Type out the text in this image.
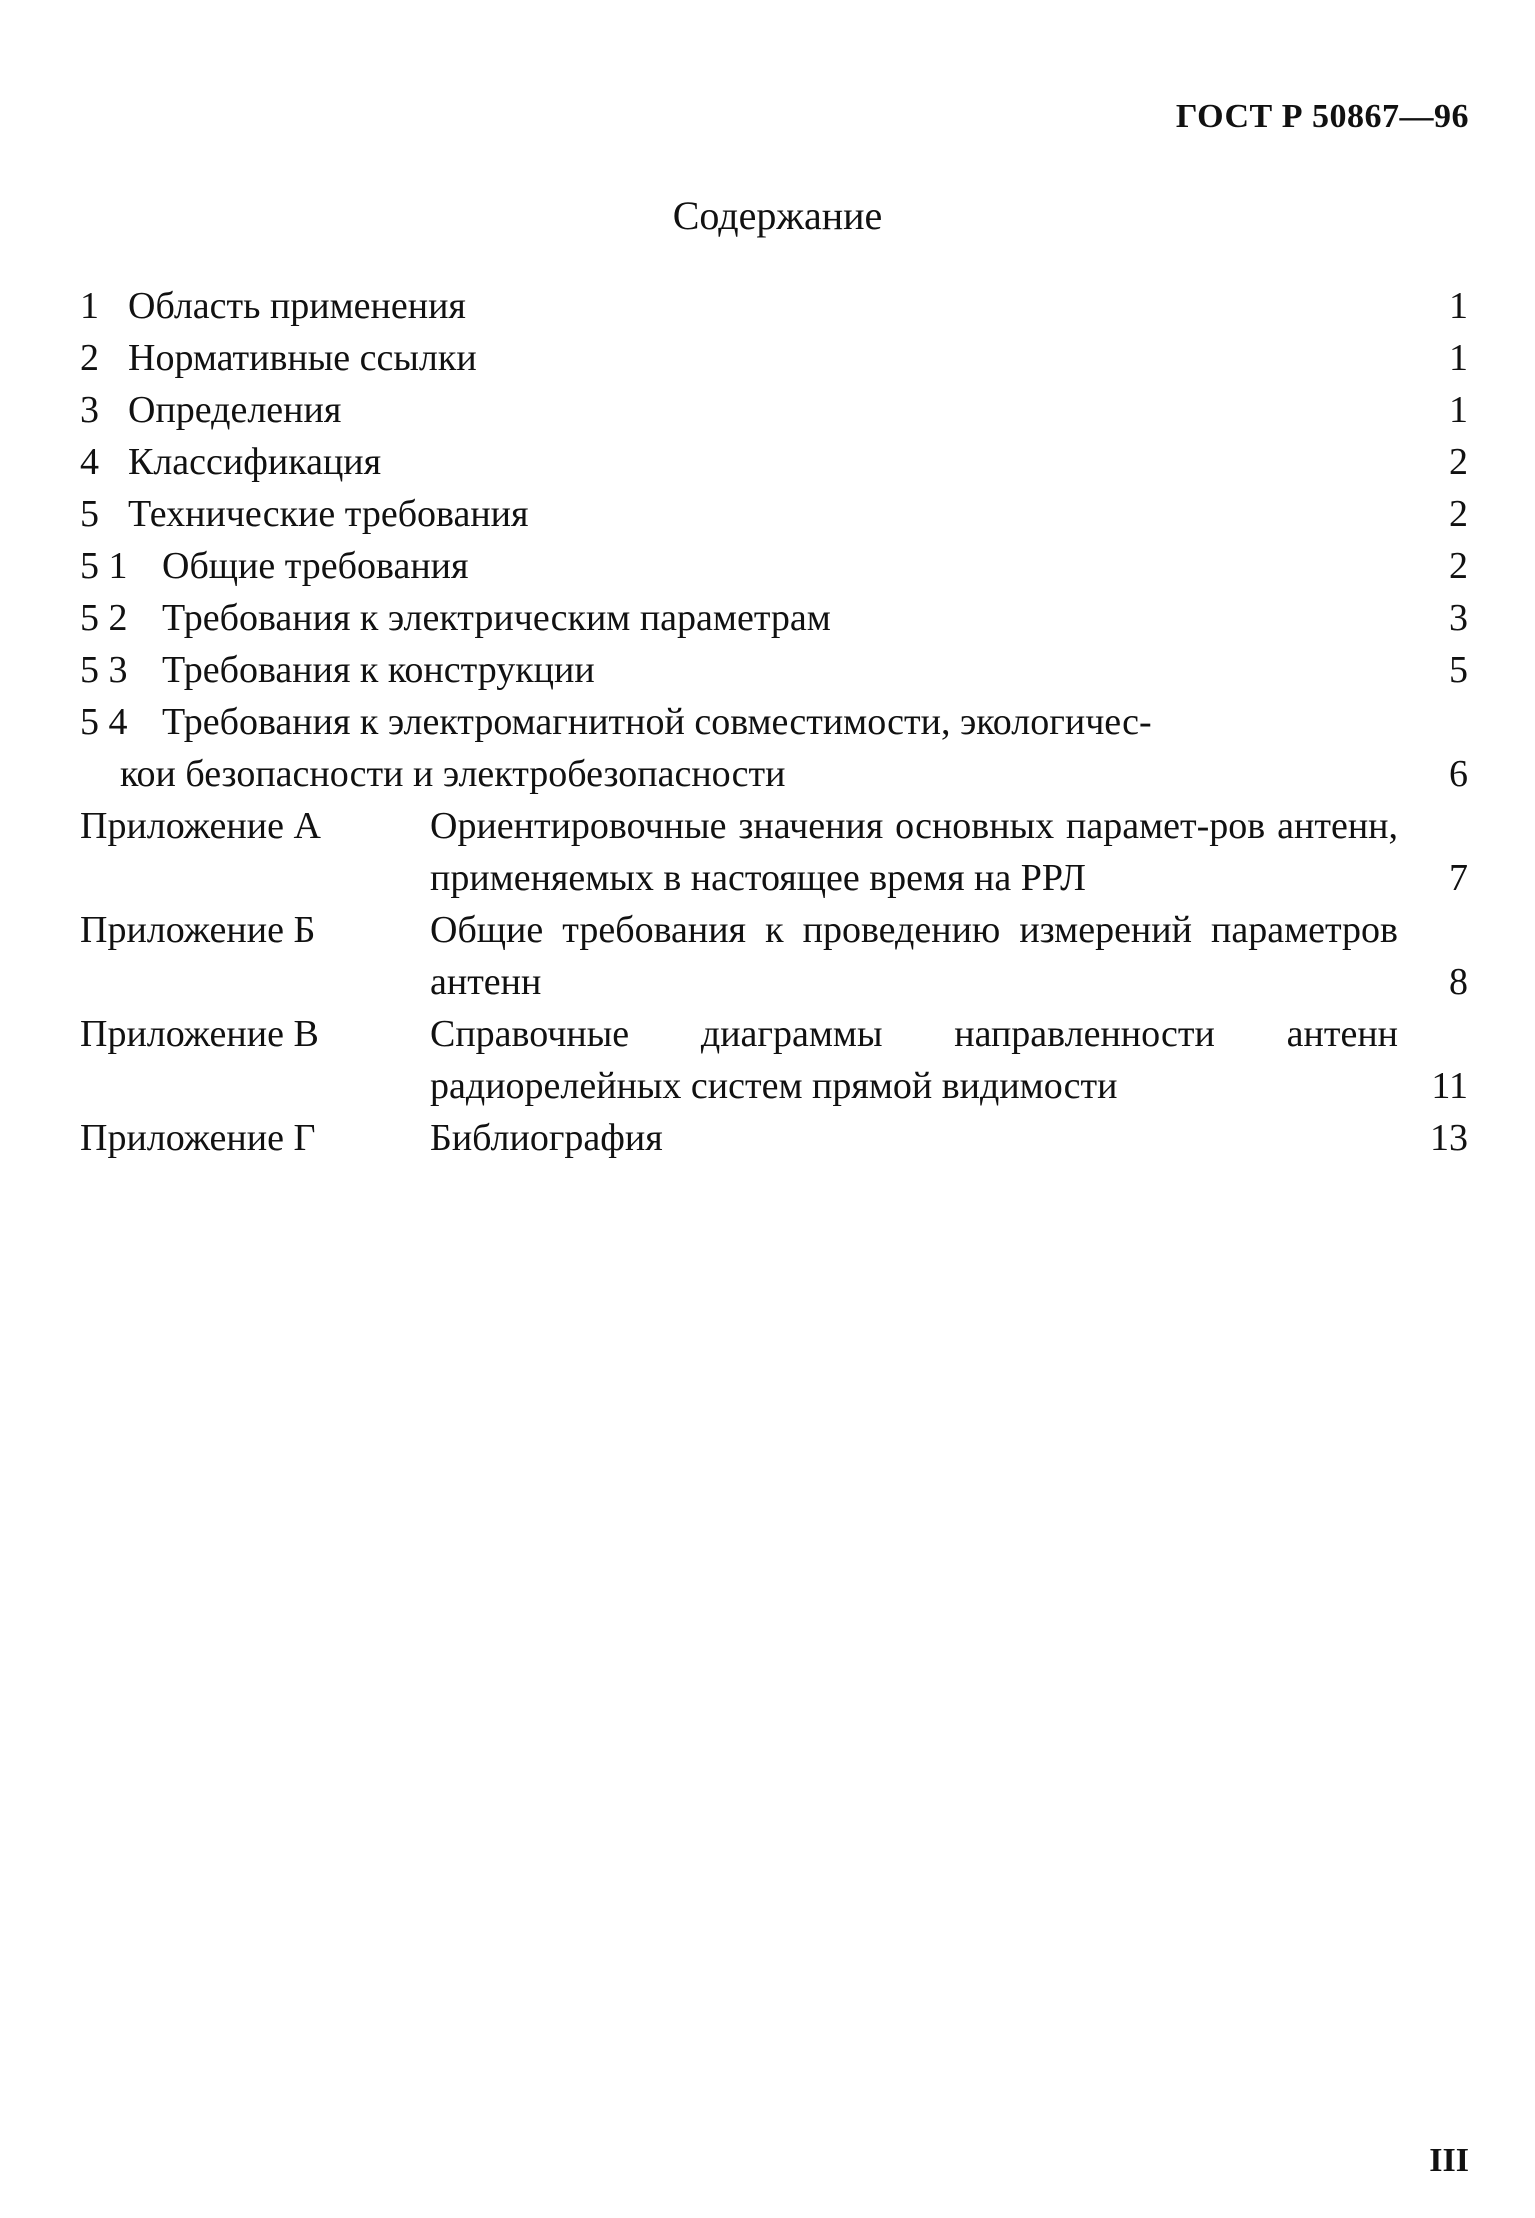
ГОСТ Р 50867—96
Содержание
1 Область применения	1
2 Нормативные ссылки	1
3 Определения	1
4 Классификация	2
5 Технические требования	2
5 1 Общие требования	2
5 2 Требования к электрическим параметрам	3
5 3 Требования к конструкции	5
5 4 Требования к электромагнитной совместимости, экологичес-
кои безопасности и электробезопасности	6
Приложение А	Ориентировочные значения основных парамет-ров антенн, применяемых в настоящее время на РРЛ	7
Приложение Б	Общие требования к проведению измерений параметров антенн	8
Приложение В	Справочные диаграммы направленности антенн радиорелейных систем прямой видимости	11
Приложение Г	Библиография	13
III
